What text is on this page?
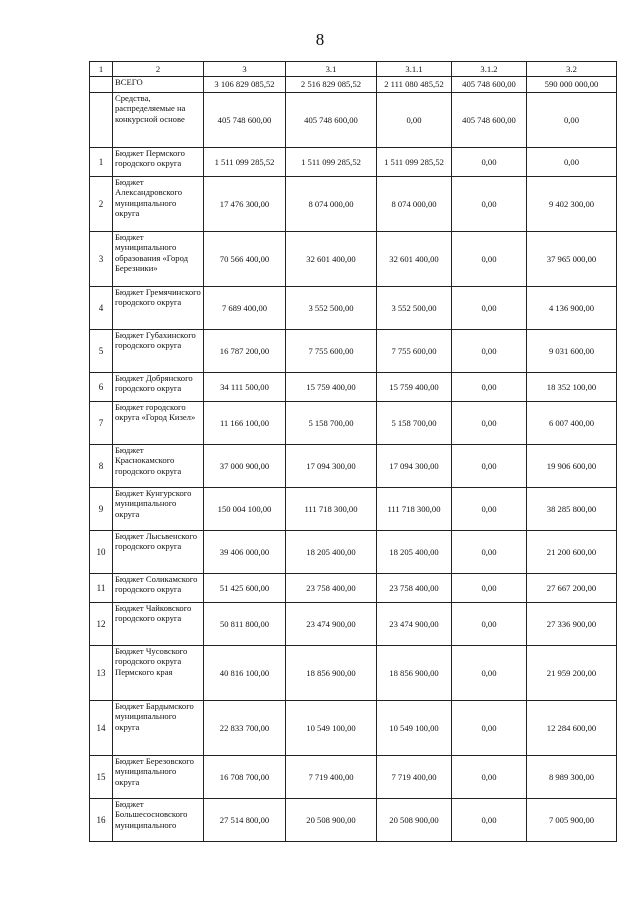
8
1	2	3	3.1	3.1.1	3.1.2	3.2
	ВСЕГО	3 106 829 085,52	2 516 829 085,52	2 111 080 485,52	405 748 600,00	590 000 000,00
	Средства, распределяемые на конкурсной основе	405 748 600,00	405 748 600,00	0,00	405 748 600,00	0,00
1	Бюджет Пермского городского округа	1 511 099 285,52	1 511 099 285,52	1 511 099 285,52	0,00	0,00
2	Бюджет Александровского муниципального округа	17 476 300,00	8 074 000,00	8 074 000,00	0,00	9 402 300,00
3	Бюджет муниципального образования «Город Березники»	70 566 400,00	32 601 400,00	32 601 400,00	0,00	37 965 000,00
4	Бюджет Гремячинского городского округа	7 689 400,00	3 552 500,00	3 552 500,00	0,00	4 136 900,00
5	Бюджет Губахинского городского округа	16 787 200,00	7 755 600,00	7 755 600,00	0,00	9 031 600,00
6	Бюджет Добрянского городского округа	34 111 500,00	15 759 400,00	15 759 400,00	0,00	18 352 100,00
7	Бюджет городского округа «Город Кизел»	11 166 100,00	5 158 700,00	5 158 700,00	0,00	6 007 400,00
8	Бюджет Краснокамского городского округа	37 000 900,00	17 094 300,00	17 094 300,00	0,00	19 906 600,00
9	Бюджет Кунгурского муниципального округа	150 004 100,00	111 718 300,00	111 718 300,00	0,00	38 285 800,00
10	Бюджет Лысьвенского городского округа	39 406 000,00	18 205 400,00	18 205 400,00	0,00	21 200 600,00
11	Бюджет Соликамского городского округа	51 425 600,00	23 758 400,00	23 758 400,00	0,00	27 667 200,00
12	Бюджет Чайковского городского округа	50 811 800,00	23 474 900,00	23 474 900,00	0,00	27 336 900,00
13	Бюджет Чусовского городского округа Пермского края	40 816 100,00	18 856 900,00	18 856 900,00	0,00	21 959 200,00
14	Бюджет Бардымского муниципального округа	22 833 700,00	10 549 100,00	10 549 100,00	0,00	12 284 600,00
15	Бюджет Березовского муниципального округа	16 708 700,00	7 719 400,00	7 719 400,00	0,00	8 989 300,00
16	Бюджет Большесосновского муниципального	27 514 800,00	20 508 900,00	20 508 900,00	0,00	7 005 900,00
